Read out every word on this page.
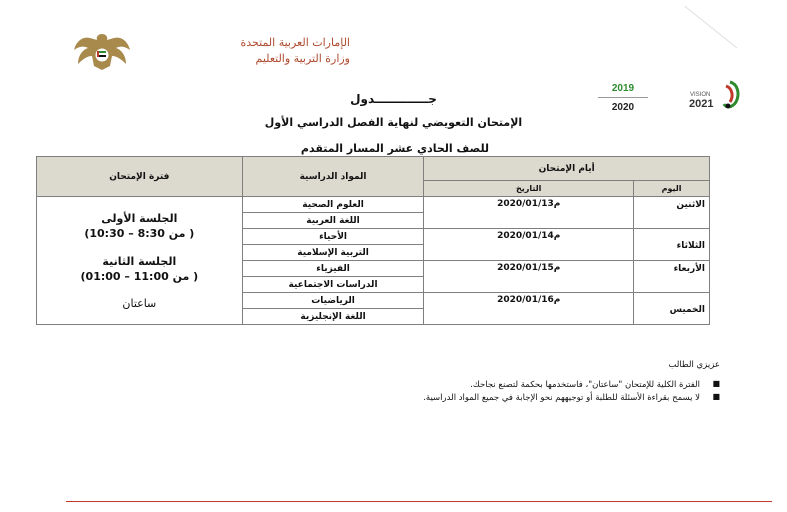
الإمارات العربية المتحدة
وزارة التربية والتعليم
2019
2020
VISION
2021
جـــــــــــــدول
الإمتحان التعويضي لنهاية الفصل الدراسي الأول
للصف الحادي عشر المسار المتقدم
أيام الإمتحان		المواد الدراسية	فترة الإمتحان
اليوم	التاريخ		
الاثنين	2020/01/13م	العلوم الصحية	الجلسة الأولى
( من 8:30 – 10:30)
الجلسة الثانية
( من 11:00 – 01:00)
ساعتان

		اللغة العربية	
الثلاثاء	2020/01/14م	الأحياء	
		التربية الإسلامية	
الأربعاء	2020/01/15م	الفيزياء	
		الدراسات الاجتماعية	
الخميس	2020/01/16م	الرياضيات	
		اللغة الإنجليزية	
عزيزي الطالب
■
الفترة الكلية للإمتحان "ساعتان"، فاستخدمها بحكمة لتصنع نجاحك.
■
لا يسمح بقراءة الأسئلة للطلبة أو توجيههم نحو الإجابة في جميع المواد الدراسية.
